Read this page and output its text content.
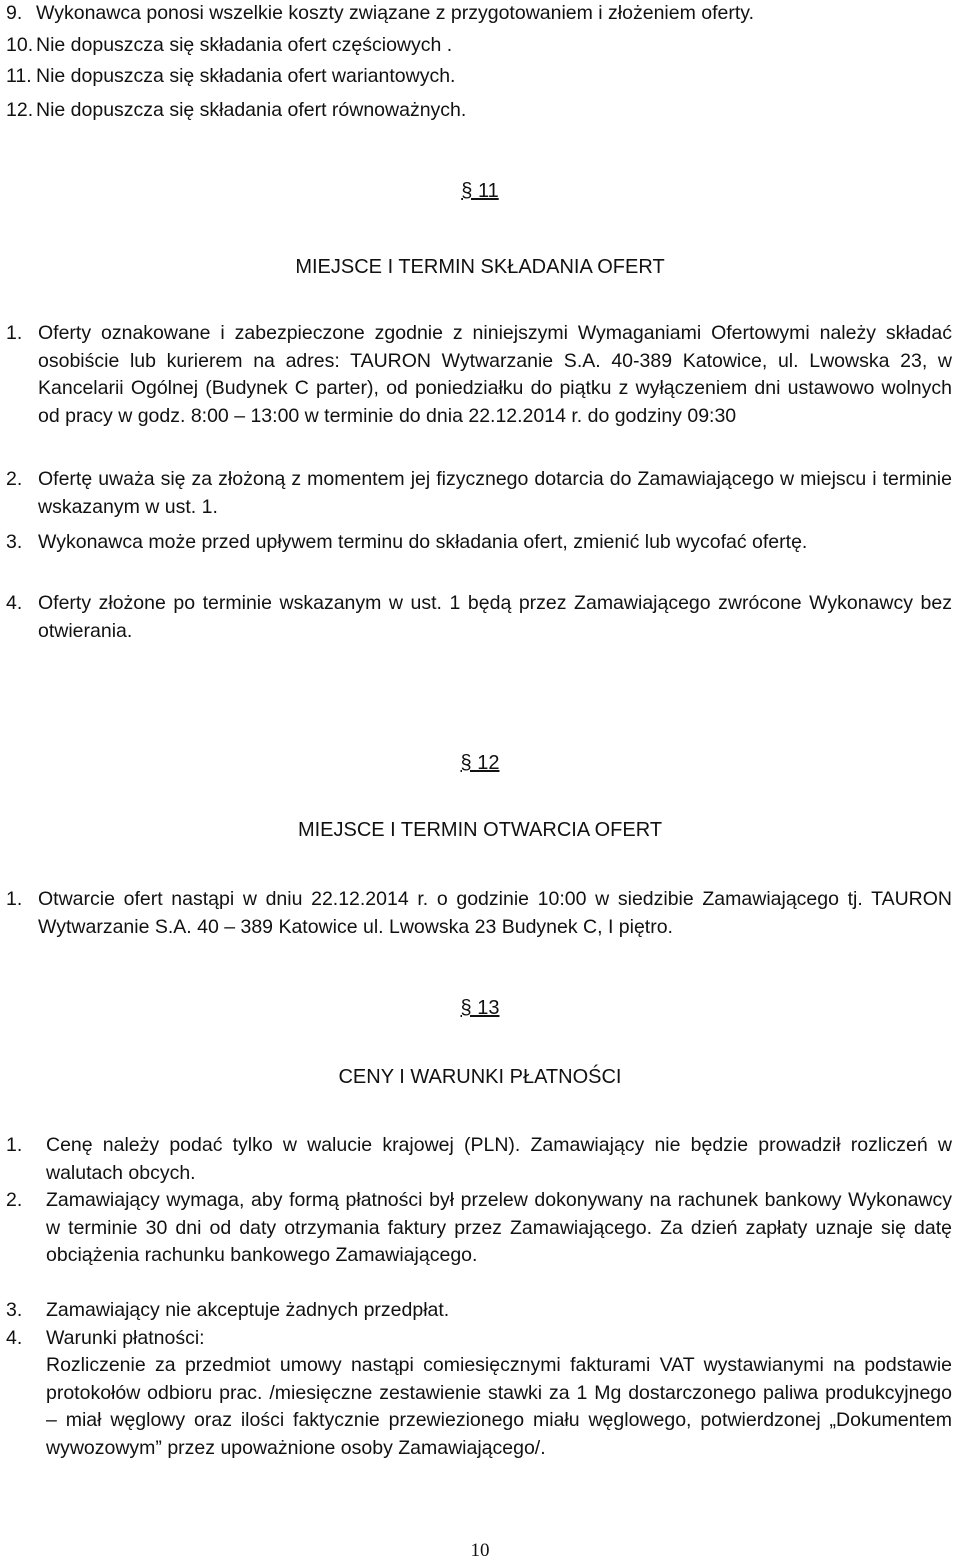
9. Wykonawca ponosi wszelkie koszty związane z przygotowaniem i złożeniem oferty.
10. Nie dopuszcza się składania ofert częściowych .
11. Nie dopuszcza się składania ofert wariantowych.
12. Nie dopuszcza się składania ofert równoważnych.
§ 11
MIEJSCE I TERMIN SKŁADANIA OFERT
1. Oferty oznakowane i zabezpieczone zgodnie z niniejszymi Wymaganiami Ofertowymi należy składać osobiście lub kurierem na adres: TAURON Wytwarzanie S.A. 40-389 Katowice, ul. Lwowska 23, w Kancelarii Ogólnej (Budynek C parter), od poniedziałku do piątku z wyłączeniem dni ustawowo wolnych od pracy w godz. 8:00 – 13:00 w terminie do dnia 22.12.2014 r. do godziny 09:30
2. Ofertę uważa się za złożoną z momentem jej fizycznego dotarcia do Zamawiającego w miejscu i terminie wskazanym w ust. 1.
3. Wykonawca może przed upływem terminu do składania ofert, zmienić lub wycofać ofertę.
4. Oferty złożone po terminie wskazanym w ust. 1 będą przez Zamawiającego zwrócone Wykonawcy bez otwierania.
§ 12
MIEJSCE I TERMIN OTWARCIA OFERT
1. Otwarcie ofert nastąpi w dniu 22.12.2014 r. o godzinie 10:00 w siedzibie Zamawiającego tj. TAURON Wytwarzanie S.A. 40 – 389 Katowice ul. Lwowska 23 Budynek C, I piętro.
§ 13
CENY I WARUNKI PŁATNOŚCI
1. Cenę należy podać tylko w walucie krajowej (PLN). Zamawiający nie będzie prowadził rozliczeń w walutach obcych.
2. Zamawiający wymaga, aby formą płatności był przelew dokonywany na rachunek bankowy Wykonawcy w terminie 30 dni od daty otrzymania faktury przez Zamawiającego. Za dzień zapłaty uznaje się datę obciążenia rachunku bankowego Zamawiającego.
3. Zamawiający nie akceptuje żadnych przedpłat.
4. Warunki płatności:
Rozliczenie za przedmiot umowy nastąpi comiesięcznymi fakturami VAT wystawianymi na podstawie protokołów odbioru prac. /miesięczne zestawienie stawki za 1 Mg dostarczonego paliwa produkcyjnego – miał węglowy oraz ilości faktycznie przewiezionego miału węglowego, potwierdzonej „Dokumentem wywozowym” przez upoważnione osoby Zamawiającego/.
10
